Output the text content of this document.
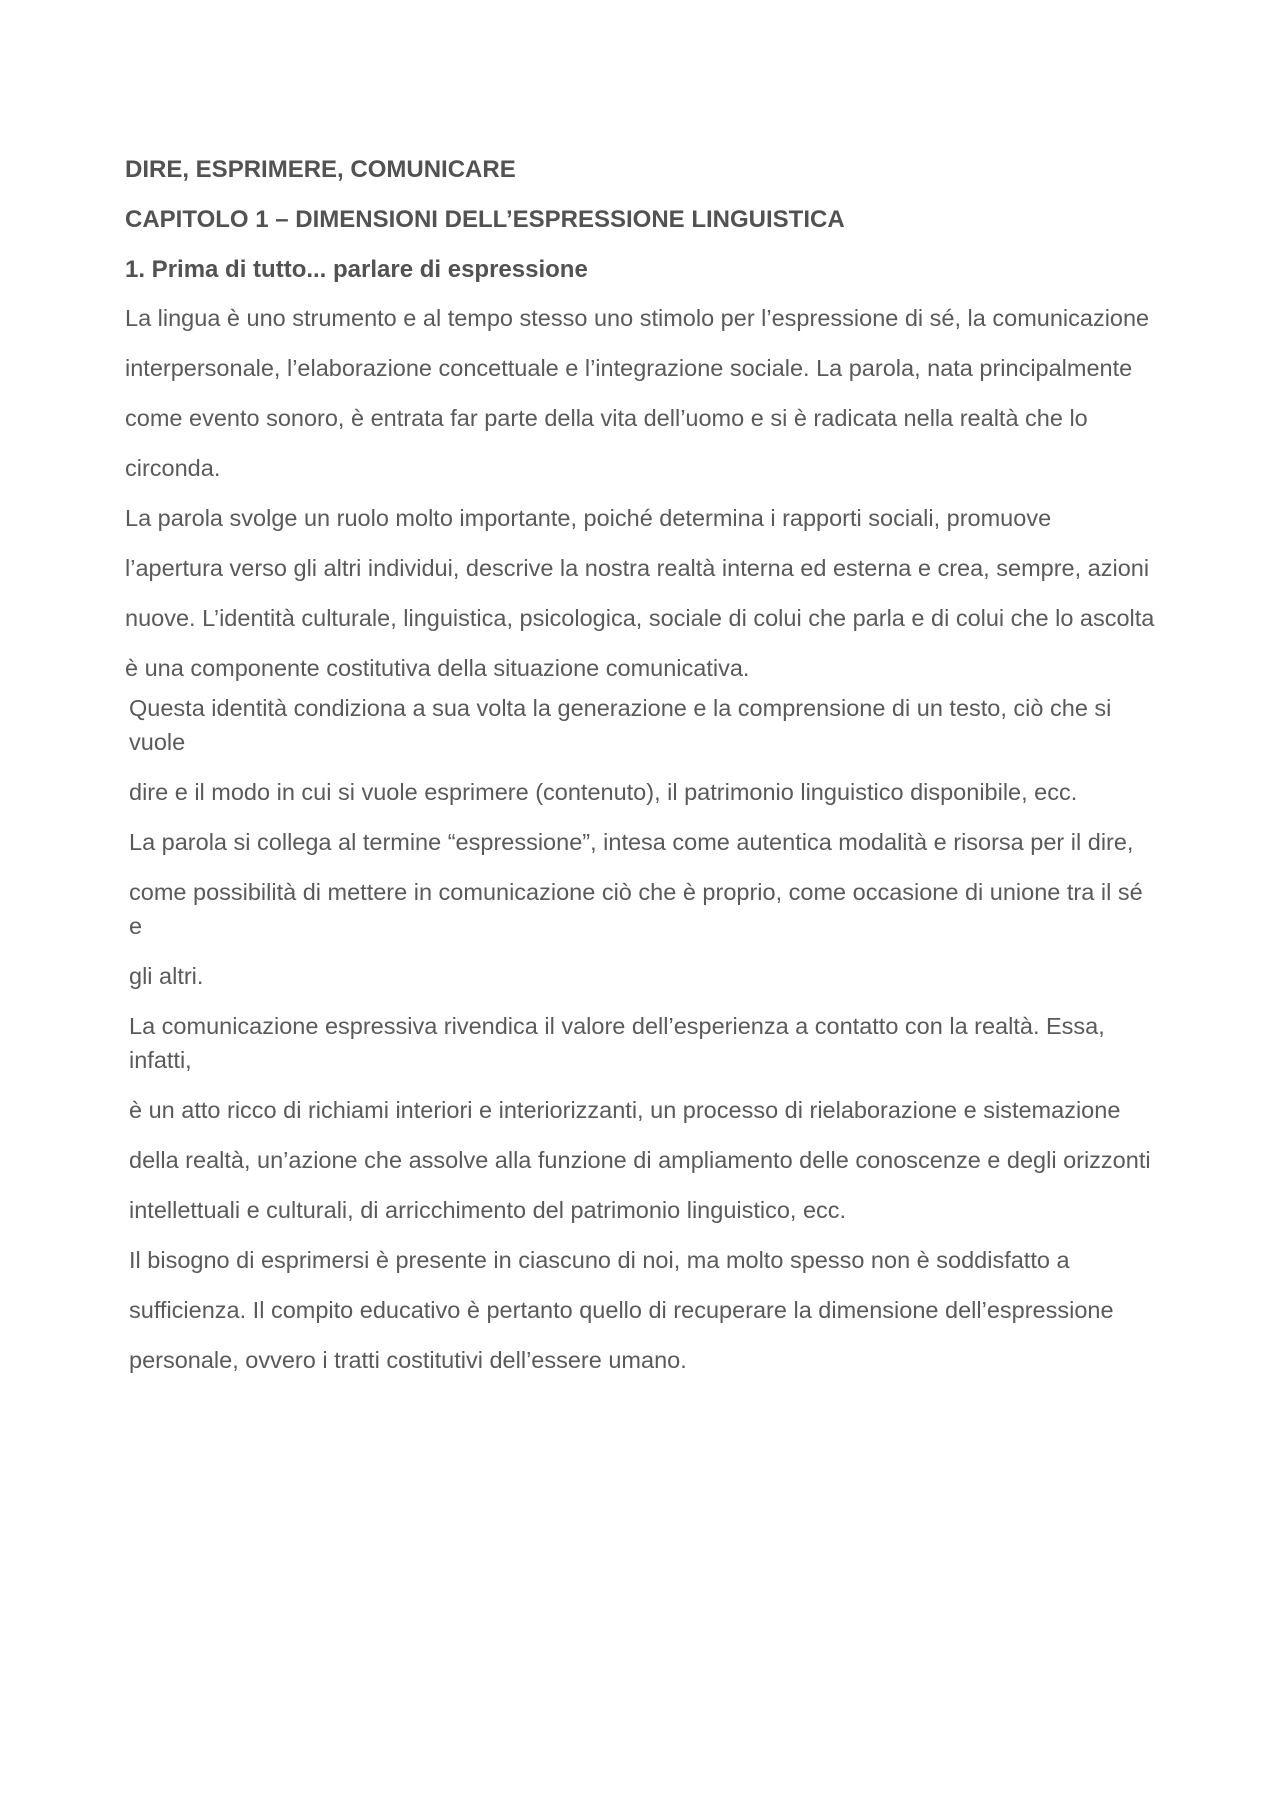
DIRE, ESPRIMERE, COMUNICARE
CAPITOLO 1 – DIMENSIONI DELL’ESPRESSIONE LINGUISTICA
1. Prima di tutto... parlare di espressione
La lingua è uno strumento e al tempo stesso uno stimolo per l’espressione di sé, la comunicazione
interpersonale, l’elaborazione concettuale e l’integrazione sociale. La parola, nata principalmente
come evento sonoro, è entrata far parte della vita dell’uomo e si è radicata nella realtà che lo
circonda.
La parola svolge un ruolo molto importante, poiché determina i rapporti sociali, promuove
l’apertura verso gli altri individui, descrive la nostra realtà interna ed esterna e crea, sempre, azioni
nuove. L’identità culturale, linguistica, psicologica, sociale di colui che parla e di colui che lo ascolta
è una componente costitutiva della situazione comunicativa.
Questa identità condiziona a sua volta la generazione e la comprensione di un testo, ciò che si vuole
dire e il modo in cui si vuole esprimere (contenuto), il patrimonio linguistico disponibile, ecc.
La parola si collega al termine “espressione”, intesa come autentica modalità e risorsa per il dire,
come possibilità di mettere in comunicazione ciò che è proprio, come occasione di unione tra il sé e
gli altri.
La comunicazione espressiva rivendica il valore dell’esperienza a contatto con la realtà. Essa, infatti,
è un atto ricco di richiami interiori e interiorizzanti, un processo di rielaborazione e sistemazione
della realtà, un’azione che assolve alla funzione di ampliamento delle conoscenze e degli orizzonti
intellettuali e culturali, di arricchimento del patrimonio linguistico, ecc.
Il bisogno di esprimersi è presente in ciascuno di noi, ma molto spesso non è soddisfatto a
sufficienza. Il compito educativo è pertanto quello di recuperare la dimensione dell’espressione
personale, ovvero i tratti costitutivi dell’essere umano.
